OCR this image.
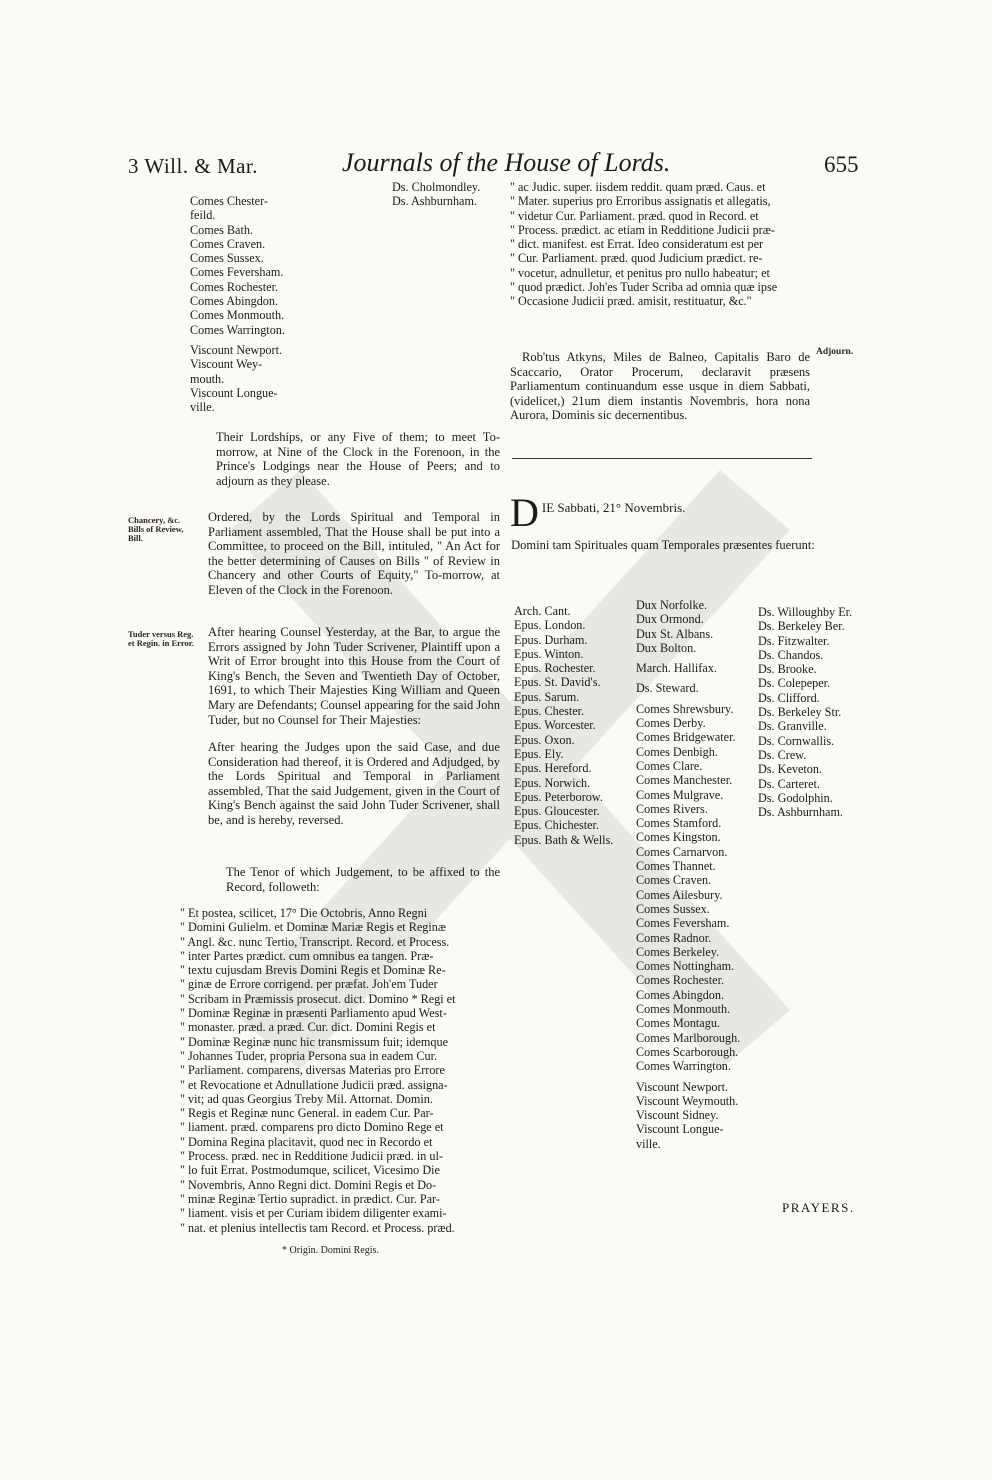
3 Will. & Mar.	Journals of the House of Lords.	655
Comes Chester-
feild.
Comes Bath.
Comes Craven.
Comes Sussex.
Comes Feversham.
Comes Rochester.
Comes Abingdon.
Comes Monmouth.
Comes Warrington.
Viscount Newport.
Viscount Wey-
mouth.
Viscount Longue-
ville.
Ds. Cholmondley.
Ds. Ashburnham.

Their Lordships, or any Five of them; to meet To-morrow, at Nine of the Clock in the Forenoon, in the Prince's Lodgings near the House of Peers; and to adjourn as they please.

Chancery, &c. Bills of Review, Bill.

Ordered, by the Lords Spiritual and Temporal in Parliament assembled, That the House shall be put into a Committee, to proceed on the Bill, intituled, " An Act for the better determining of Causes on Bills " of Review in Chancery and other Courts of Equity," To-morrow, at Eleven of the Clock in the Forenoon.

Tuder versus Reg. et Regin. in Error.

After hearing Counsel Yesterday, at the Bar, to argue the Errors assigned by John Tuder Scrivener, Plaintiff upon a Writ of Error brought into this House from the Court of King's Bench, the Seven and Twentieth Day of October, 1691, to which Their Majesties King William and Queen Mary are Defendants; Counsel appearing for the said John Tuder, but no Counsel for Their Majesties:

After hearing the Judges upon the said Case, and due Consideration had thereof, it is Ordered and Adjudged, by the Lords Spiritual and Temporal in Parliament assembled, That the said Judgement, given in the Court of King's Bench against the said John Tuder Scrivener, shall be, and is hereby, reversed.

The Tenor of which Judgement, to be affixed to the Record, followeth:

" Et postea, scilicet, 17° Die Octobris, Anno Regni
" Domini Gulielm. et Dominæ Mariæ Regis et Reginæ
" Angl. &c. nunc Tertio, Transcript. Record. et Process.
" inter Partes prædict. cum omnibus ea tangen. Præ-
" textu cujusdam Brevis Domini Regis et Dominæ Re-
" ginæ de Errore corrigend. per præfat. Joh'em Tuder
" Scribam in Præmissis prosecut. dict. Domino * Regi et
" Dominæ Reginæ in præsenti Parliamento apud West-
" monaster. præd. a præd. Cur. dict. Domini Regis et
" Dominæ Reginæ nunc hic transmissum fuit; idemque
" Johannes Tuder, propria Persona sua in eadem Cur.
" Parliament. comparens, diversas Materias pro Errore
" et Revocatione et Adnullatione Judicii præd. assigna-
" vit; ad quas Georgius Treby Mil. Attornat. Domin.
" Regis et Reginæ nunc General. in eadem Cur. Par-
" liament. præd. comparens pro dicto Domino Rege et
" Domina Regina placitavit, quod nec in Recordo et
" Process. præd. nec in Redditione Judicii præd. in ul-
" lo fuit Errat. Postmodumque, scilicet, Vicesimo Die
" Novembris, Anno Regni dict. Domini Regis et Do-
" minæ Reginæ Tertio supradict. in prædict. Cur. Par-
" liament. visis et per Curiam ibidem diligenter exami-
" nat. et plenius intellectis tam Record. et Process. præd.
* Origin. Domini Regis.
" ac Judic. super. iisdem reddit. quam præd. Caus. et
" Mater. superius pro Erroribus assignatis et allegatis,
" videtur Cur. Parliament. præd. quod in Record. et
" Process. prædict. ac etiam in Redditione Judicii præ-
" dict. manifest. est Errat. Ideo consideratum est per
" Cur. Parliament. præd. quod Judicium prædict. re-
" vocetur, adnulletur, et penitus pro nullo habeatur; et
" quod prædict. Joh'es Tuder Scriba ad omnia quæ ipse
" Occasione Judicii præd. amisit, restituatur, &c."

Rob'tus Atkyns, Miles de Balneo, Capitalis Baro de Scaccario, Orator Procerum, declaravit præsens Parliamentum continuandum esse usque in diem Sabbati, (videlicet,) 21um diem instantis Novembris, hora nona Aurora, Dominis sic decernentibus.

Adjourn.
D IE Sabbati, 21° Novembris.

Domini tam Spirituales quam Temporales præsentes fuerunt:

Arch. Cant.
Epus. London.
Epus. Durham.
Epus. Winton.
Epus. Rochester.
Epus. St. David's.
Epus. Sarum.
Epus. Chester.
Epus. Worcester.
Epus. Oxon.
Epus. Ely.
Epus. Hereford.
Epus. Norwich.
Epus. Peterborow.
Epus. Gloucester.
Epus. Chichester.
Epus. Bath & Wells.
Dux Norfolke.
Dux Ormond.
Dux St. Albans.
Dux Bolton.
March. Hallifax.
Ds. Steward.
Comes Shrewsbury.
Comes Derby.
Comes Bridgewater.
Comes Denbigh.
Comes Clare.
Comes Manchester.
Comes Mulgrave.
Comes Rivers.
Comes Stamford.
Comes Kingston.
Comes Carnarvon.
Comes Thannet.
Comes Craven.
Comes Ailesbury.
Comes Sussex.
Comes Feversham.
Comes Radnor.
Comes Berkeley.
Comes Nottingham.
Comes Rochester.
Comes Abingdon.
Comes Monmouth.
Comes Montagu.
Comes Marlborough.
Comes Scarborough.
Comes Warrington.
Viscount Newport.
Viscount Weymouth.
Viscount Sidney.
Viscount Longue-
ville.
Ds. Willoughby Er.
Ds. Berkeley Ber.
Ds. Fitzwalter.
Ds. Chandos.
Ds. Brooke.
Ds. Colepeper.
Ds. Clifford.
Ds. Berkeley Str.
Ds. Granville.
Ds. Cornwallis.
Ds. Crew.
Ds. Keveton.
Ds. Carteret.
Ds. Godolphin.
Ds. Ashburnham.
PRAYERS.
